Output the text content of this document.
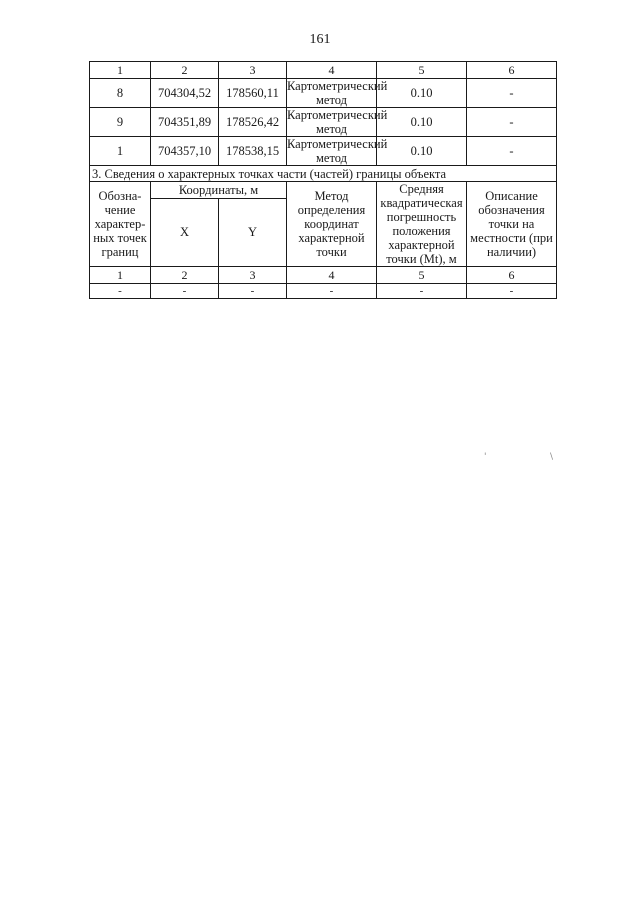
161
1	2	3	4	5	6
8	704304,52	178560,11	Картометрический метод	0.10	-
9	704351,89	178526,42	Картометрический метод	0.10	-
1	704357,10	178538,15	Картометрический метод	0.10	-
3. Сведения о характерных точках части (частей) границы объекта					
Обозна-чение характер-ных точек границ	Координаты, м		Метод определения координат характерной точки	Средняя квадратическая погрешность положения характерной точки (Mt), м	Описание обозначения точки на местности (при наличии)
	X	Y			
1	2	3	4	5	6
-	-	-	-	-	-
'	\
